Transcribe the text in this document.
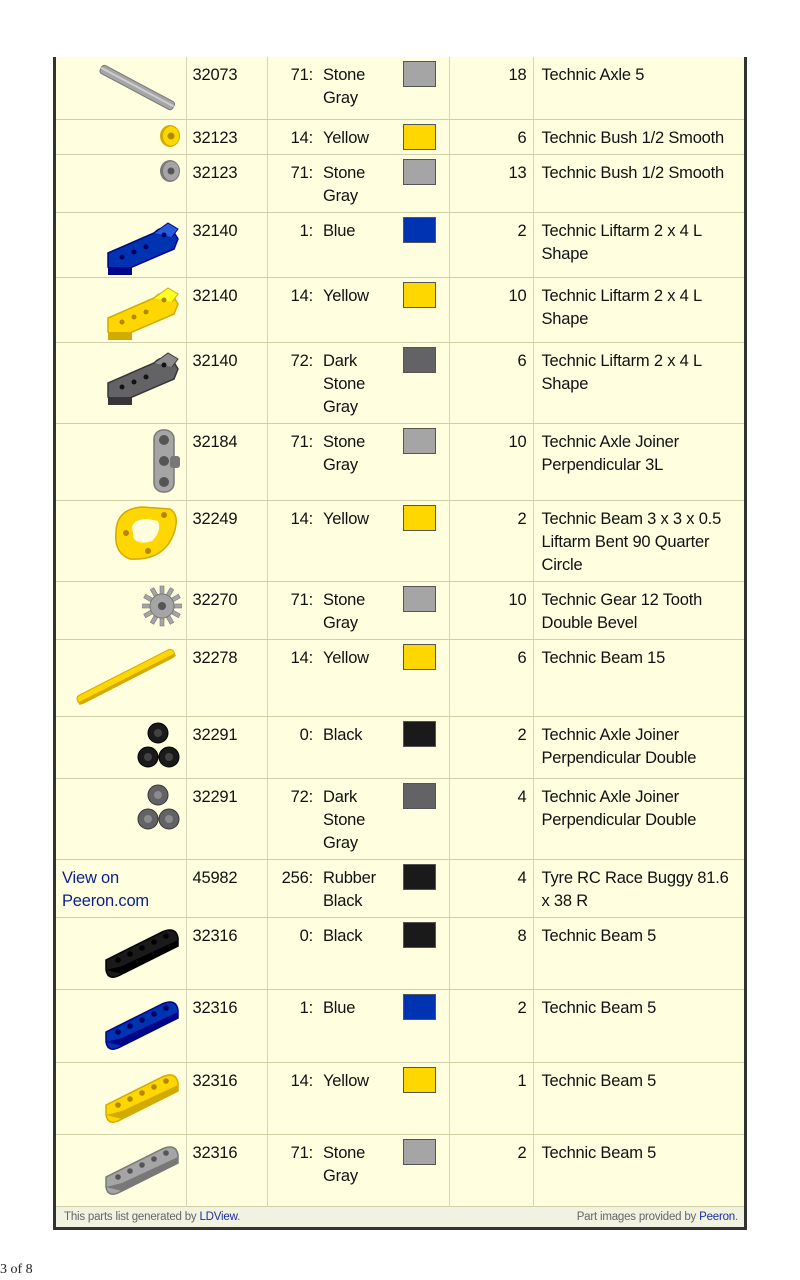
	32073	71:	Stone Gray		18	Technic Axle 5

	32123	14:	Yellow		6	Technic Bush 1/2 Smooth

	32123	71:	Stone Gray		13	Technic Bush 1/2 Smooth

	32140	1:	Blue		2	Technic Liftarm 2 x 4 L Shape

	32140	14:	Yellow		10	Technic Liftarm 2 x 4 L Shape

	32140	72:	Dark Stone Gray		6	Technic Liftarm 2 x 4 L Shape

	32184	71:	Stone Gray		10	Technic Axle Joiner Perpendicular 3L

	32249	14:	Yellow		2	Technic Beam 3 x 3 x 0.5 Liftarm Bent 90 Quarter Circle

	32270	71:	Stone Gray		10	Technic Gear 12 Tooth Double Bevel

	32278	14:	Yellow		6	Technic Beam 15

	32291	0:	Black		2	Technic Axle Joiner Perpendicular Double

	32291	72:	Dark Stone Gray		4	Technic Axle Joiner Perpendicular Double

View on Peeron.com	45982	256:	Rubber Black		4	Tyre RC Race Buggy 81.6 x 38 R

	32316	0:	Black		8	Technic Beam 5

	32316	1:	Blue		2	Technic Beam 5

	32316	14:	Yellow		1	Technic Beam 5

	32316	71:	Stone Gray		2	Technic Beam 5
This parts list generated by LDView.			Part images provided by Peeron.			
3 of 8
